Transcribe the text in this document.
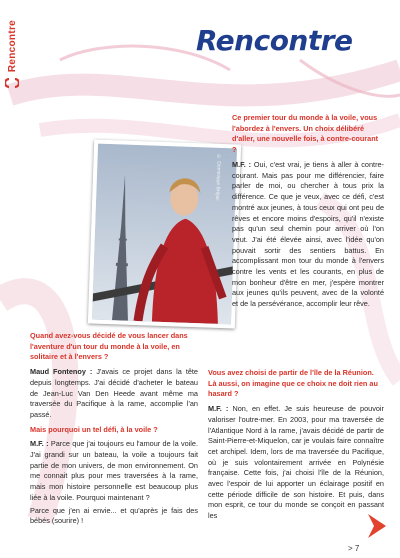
Rencontre	Rencontre
© Dominique Bréjac

Ce premier tour du monde à la voile, vous l'abordez à l'envers. Un choix délibéré d'aller, une nouvelle fois, à contre-courant ?

M.F. : Oui, c'est vrai, je tiens à aller à contre-courant. Mais pas pour me différencier, faire parler de moi, ou chercher à tous prix la différence. Ce que je veux, avec ce défi, c'est montré aux jeunes, à tous ceux qui ont peu de rêves et encore moins d'espoirs, qu'il n'existe pas qu'un seul chemin pour arriver où l'on veut. J'ai été élevée ainsi, avec l'idée qu'on pouvait sortir des sentiers battus. En accomplissant mon tour du monde à l'envers contre les vents et les courants, en plus de mon bonheur d'être en mer, j'espère montrer aux jeunes qu'ils peuvent, avec de la volonté et de la persévérance, accomplir leur rêve.

Vous avez choisi de partir de l'île de la Réunion. Là aussi, on imagine que ce choix ne doit rien au hasard ?

M.F. : Non, en effet. Je suis heureuse de pouvoir valoriser l'outre-mer. En 2003, pour ma traversée de l'Atlantique Nord à la rame, j'avais décidé de partir de Saint-Pierre-et-Miquelon, car je voulais faire connaître cet archipel. Idem, lors de ma traversée du Pacifique, où je suis volontairement arrivée en Polynésie française. Cette fois, j'ai choisi l'île de la Réunion, avec l'espoir de lui apporter un éclairage positif en cette période difficile de son histoire. Et puis, dans mon esprit, ce tour du monde se conçoit en passant les

Quand avez-vous décidé de vous lancer dans l'aventure d'un tour du monde à la voile, en solitaire et à l'envers ?

Maud Fontenoy : J'avais ce projet dans la tête depuis longtemps. J'ai décidé d'acheter le bateau de Jean-Luc Van Den Heede avant même ma traversée du Pacifique à la rame, accomplie l'an passé.

Mais pourquoi un tel défi, à la voile ?

M.F. : Parce que j'ai toujours eu l'amour de la voile. J'ai grandi sur un bateau, la voile a toujours fait partie de mon univers, de mon environnement. On me connait plus pour mes traversées à la rame, mais mon histoire personnelle est beaucoup plus liée à la voile. Pourquoi maintenant ?

Parce que j'en ai envie... et qu'après je fais des bébés (sourire) !

> 7
